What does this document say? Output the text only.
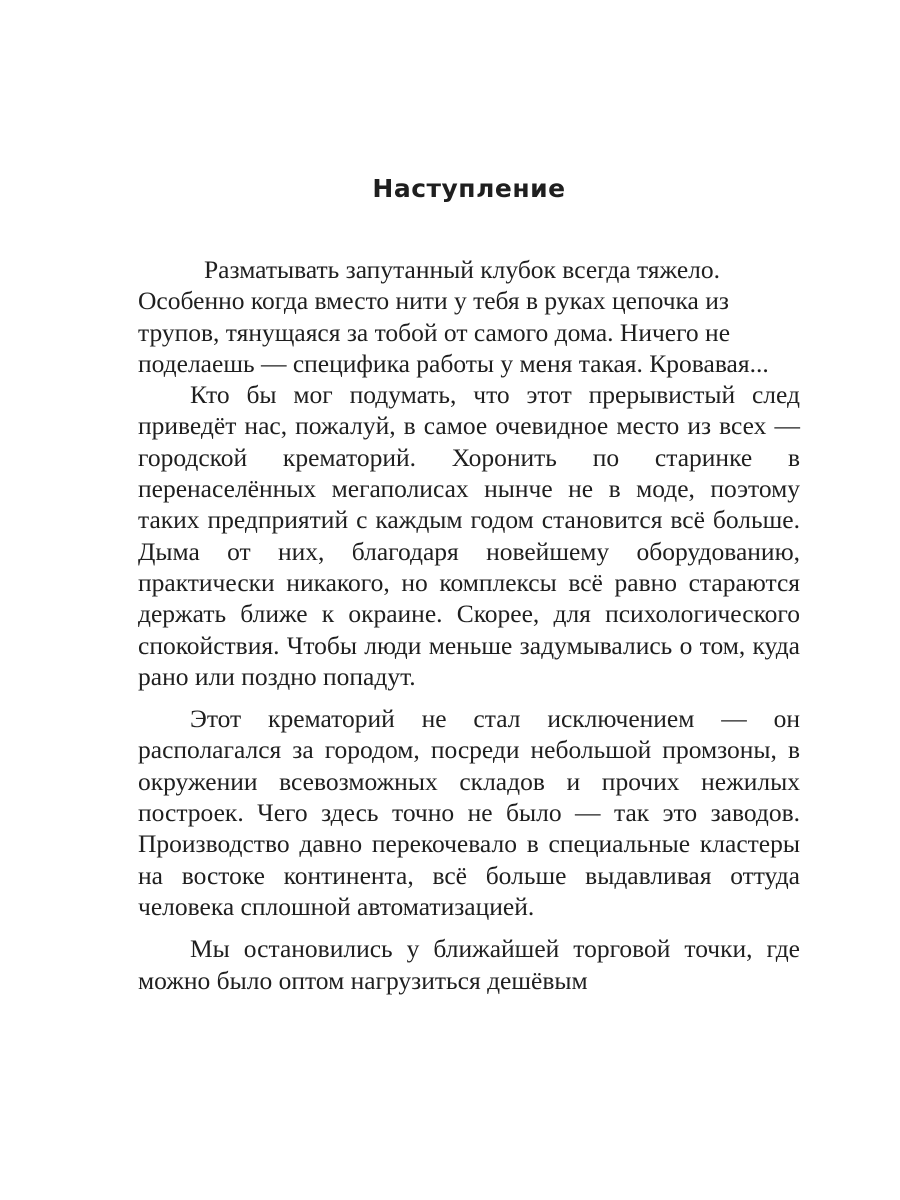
Наступление

Разматывать запутанный клубок всегда тяжело. Особенно когда вместо нити у тебя в руках цепочка из трупов, тянущаяся за тобой от самого дома. Ничего не поделаешь — специфика работы у меня такая. Кровавая...

Кто бы мог подумать, что этот прерывистый след приведёт нас, пожалуй, в самое очевидное место из всех — городской крематорий. Хоронить по старинке в перенаселённых мегаполисах нынче не в моде, поэтому таких предприятий с каждым годом становится всё больше. Дыма от них, благодаря новейшему оборудованию, практически никакого, но комплексы всё равно стараются держать ближе к окраине. Скорее, для психологического спокойствия. Чтобы люди меньше задумывались о том, куда рано или поздно попадут.

Этот крематорий не стал исключением — он располагался за городом, посреди небольшой промзоны, в окружении всевозможных складов и прочих нежилых построек. Чего здесь точно не было — так это заводов. Производство давно перекочевало в специальные кластеры на востоке континента, всё больше выдавливая оттуда человека сплошной автоматизацией.

Мы остановились у ближайшей торговой точки, где можно было оптом нагрузиться дешёвым
